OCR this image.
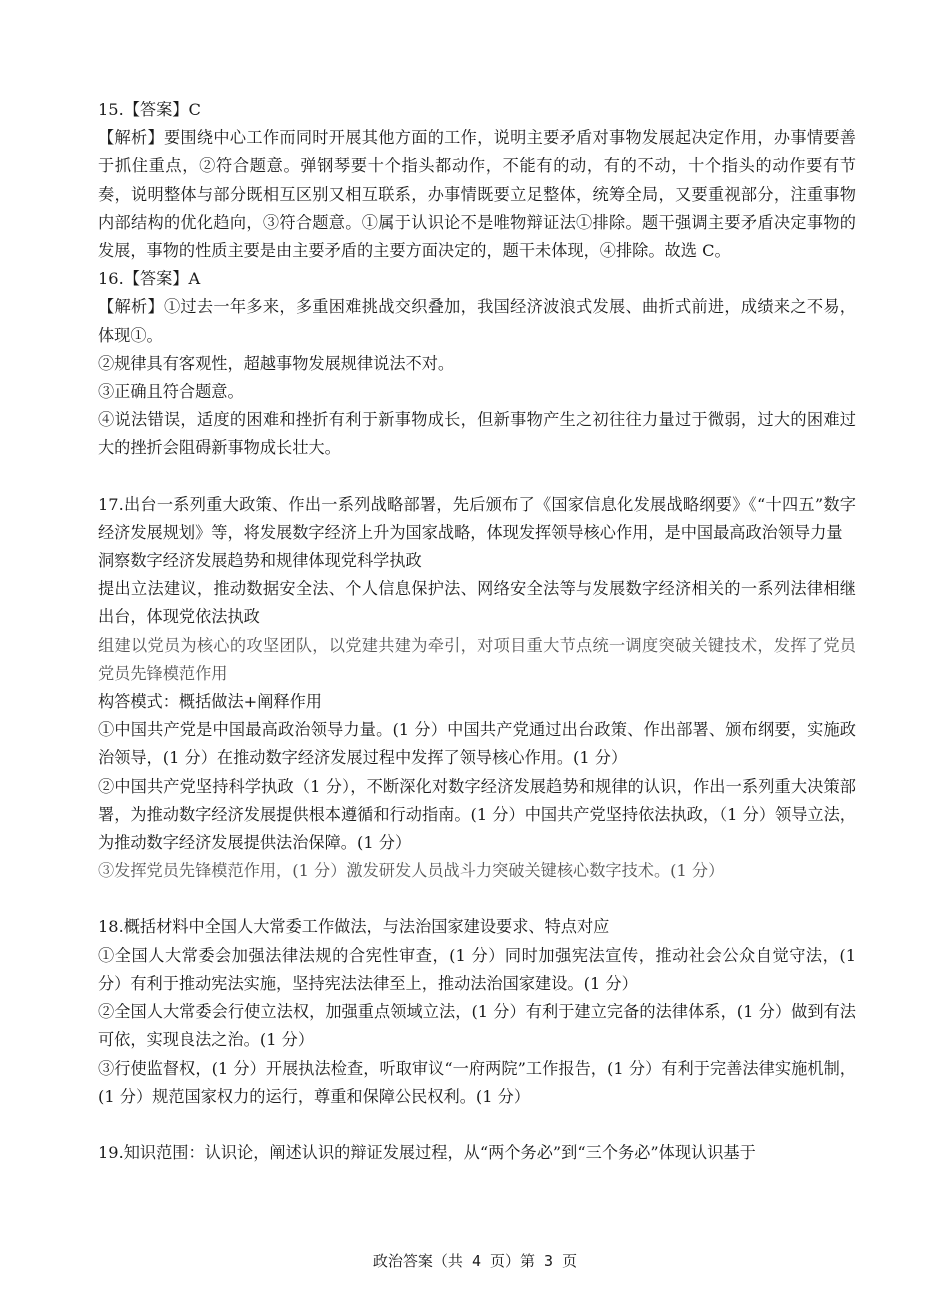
15.【答案】C

【解析】要围绕中心工作而同时开展其他方面的工作，说明主要矛盾对事物发展起决定作用，办事情要善于抓住重点，②符合题意。弹钢琴要十个指头都动作，不能有的动，有的不动，十个指头的动作要有节奏，说明整体与部分既相互区别又相互联系，办事情既要立足整体，统筹全局，又要重视部分，注重事物内部结构的优化趋向，③符合题意。①属于认识论不是唯物辩证法①排除。题干强调主要矛盾决定事物的发展，事物的性质主要是由主要矛盾的主要方面决定的，题干未体现，④排除。故选 C。

16.【答案】A

【解析】①过去一年多来，多重困难挑战交织叠加，我国经济波浪式发展、曲折式前进，成绩来之不易，体现①。

②规律具有客观性，超越事物发展规律说法不对。

③正确且符合题意。

④说法错误，适度的困难和挫折有利于新事物成长，但新事物产生之初往往力量过于微弱，过大的困难过大的挫折会阻碍新事物成长壮大。

17.出台一系列重大政策、作出一系列战略部署，先后颁布了《国家信息化发展战略纲要》《“十四五”数字经济发展规划》等，将发展数字经济上升为国家战略，体现发挥领导核心作用，是中国最高政治领导力量

洞察数字经济发展趋势和规律体现党科学执政

提出立法建议，推动数据安全法、个人信息保护法、网络安全法等与发展数字经济相关的一系列法律相继出台，体现党依法执政

组建以党员为核心的攻坚团队，以党建共建为牵引，对项目重大节点统一调度突破关键技术，发挥了党员党员先锋模范作用

构答模式：概括做法+阐释作用

①中国共产党是中国最高政治领导力量。(1 分）中国共产党通过出台政策、作出部署、颁布纲要，实施政治领导，(1 分）在推动数字经济发展过程中发挥了领导核心作用。(1 分）

②中国共产党坚持科学执政（1 分），不断深化对数字经济发展趋势和规律的认识，作出一系列重大决策部署，为推动数字经济发展提供根本遵循和行动指南。(1 分）中国共产党坚持依法执政，（1 分）领导立法，为推动数字经济发展提供法治保障。(1 分）

③发挥党员先锋模范作用，(1 分）激发研发人员战斗力突破关键核心数字技术。(1 分）

18.概括材料中全国人大常委工作做法，与法治国家建设要求、特点对应

①全国人大常委会加强法律法规的合宪性审查，(1 分）同时加强宪法宣传，推动社会公众自觉守法，(1 分）有利于推动宪法实施，坚持宪法法律至上，推动法治国家建设。(1 分）

②全国人大常委会行使立法权，加强重点领域立法，(1 分）有利于建立完备的法律体系，(1 分）做到有法可依，实现良法之治。(1 分）

③行使监督权，(1 分）开展执法检查，听取审议“一府两院”工作报告，(1 分）有利于完善法律实施机制，(1 分）规范国家权力的运行，尊重和保障公民权利。(1 分）

19.知识范围：认识论，阐述认识的辩证发展过程，从“两个务必”到“三个务必”体现认识基于

政治答案（共 4 页）第 3 页
